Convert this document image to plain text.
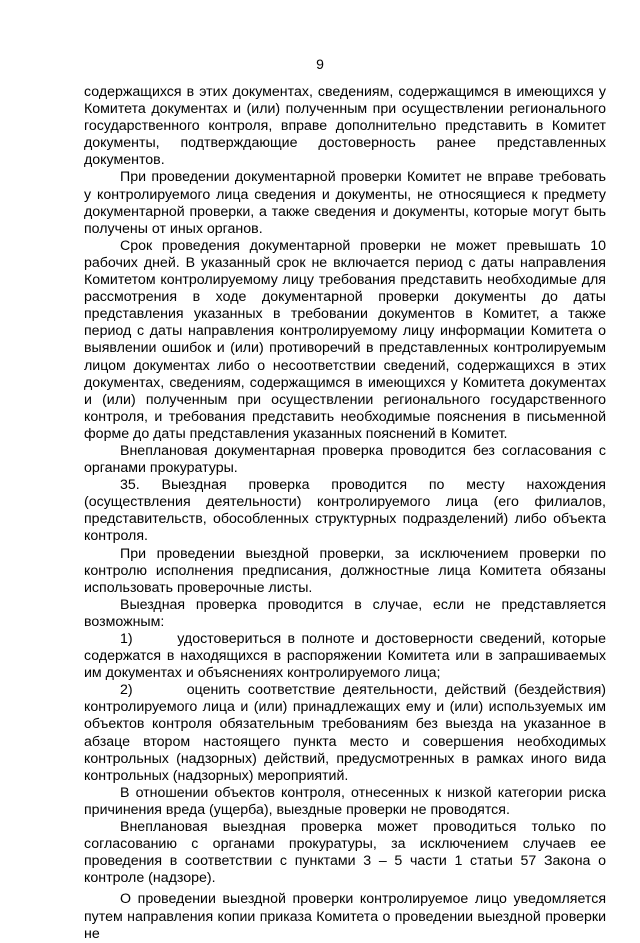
9

содержащихся в этих документах, сведениям, содержащимся в имеющихся у Комитета документах и (или) полученным при осуществлении регионального государственного контроля, вправе дополнительно представить в Комитет документы, подтверждающие достоверность ранее представленных документов.

При проведении документарной проверки Комитет не вправе требовать у контролируемого лица сведения и документы, не относящиеся к предмету документарной проверки, а также сведения и документы, которые могут быть получены от иных органов.

Срок проведения документарной проверки не может превышать 10 рабочих дней. В указанный срок не включается период с даты направления Комитетом контролируемому лицу требования представить необходимые для рассмотрения в ходе документарной проверки документы до даты представления указанных в требовании документов в Комитет, а также период с даты направления контролируемому лицу информации Комитета о выявлении ошибок и (или) противоречий в представленных контролируемым лицом документах либо о несоответствии сведений, содержащихся в этих документах, сведениям, содержащимся в имеющихся у Комитета документах и (или) полученным при осуществлении регионального государственного контроля, и требования представить необходимые пояснения в письменной форме до даты представления указанных пояснений в Комитет.

Внеплановая документарная проверка проводится без согласования с органами прокуратуры.

35. Выездная проверка проводится по месту нахождения (осуществления деятельности) контролируемого лица (его филиалов, представительств, обособленных структурных подразделений) либо объекта контроля.

При проведении выездной проверки, за исключением проверки по контролю исполнения предписания, должностные лица Комитета обязаны использовать проверочные листы.

Выездная проверка проводится в случае, если не представляется возможным:

1)       удостовериться в полноте и достоверности сведений, которые содержатся в находящихся в распоряжении Комитета или в запрашиваемых им документах и объяснениях контролируемого лица;

2)       оценить соответствие деятельности, действий (бездействия) контролируемого лица и (или) принадлежащих ему и (или) используемых им объектов контроля обязательным требованиям без выезда на указанное в абзаце втором настоящего пункта место и совершения необходимых контрольных (надзорных) действий, предусмотренных в рамках иного вида контрольных (надзорных) мероприятий.

В отношении объектов контроля, отнесенных к низкой категории риска причинения вреда (ущерба), выездные проверки не проводятся.

Внеплановая выездная проверка может проводиться только по согласованию с органами прокуратуры, за исключением случаев ее проведения в соответствии с пунктами 3 – 5 части 1 статьи 57 Закона о контроле (надзоре).

О проведении выездной проверки контролируемое лицо уведомляется путем направления копии приказа Комитета о проведении выездной проверки не
